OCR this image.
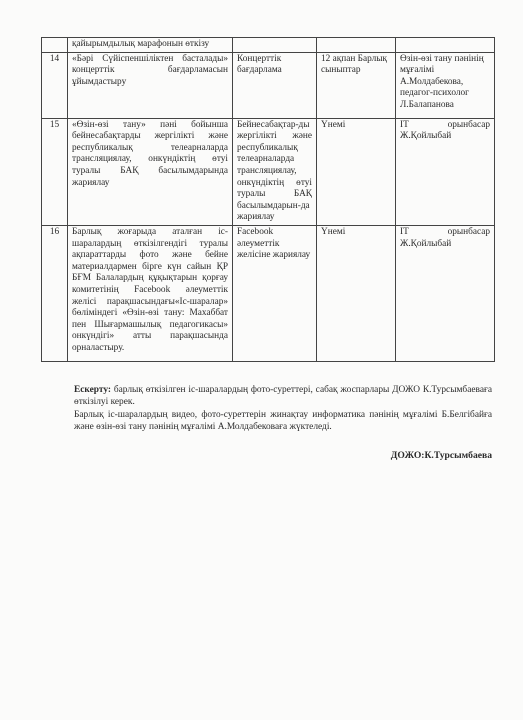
	қайырымдылық марафонын өткізу			
14	«Бәрі Сүйіспеншіліктен басталады» концерттік бағдарламасын ұйымдастыру	Концерттік бағдарлама	12 ақпан Барлық сыныптар	Өзін-өзі тану пәнінің мұғалімі А.Молдабекова, педагог-психолог Л.Балапанова
15	«Өзін-өзі тану» пәні бойынша бейнесабақтарды жергілікті және республикалық телеарналарда трансляциялау, онкүндіктің өтуі туралы БАҚ басылымдарында жариялау	Бейнесабақтар-ды жергілікті және республикалық телеарналарда трансляциялау, онкүндіктің өтуі туралы БАҚ басылымдарын-да жариялау	Үнемі	IT орынбасар Ж.Қойлыбай
16	Барлық жоғарыда аталған іс-шаралардың өткізілгендігі туралы ақпараттарды фото және бейне материалдармен бірге күн сайын ҚР БҒМ Балалардың құқықтарын қорғау комитетінің Facebook әлеуметтік желісі парақшасындағы«Іс-шаралар» бөліміндегі «Өзін-өзі тану: Махаббат пен Шығармашылық педагогикасы» онкүндігі» атты парақшасында орналастыру.	Facebook әлеуметтік желісіне жариялау	Үнемі	IT орынбасар Ж.Қойлыбай

Ескерту: барлық өткізілген іс-шаралардың фото-суреттері, сабақ жоспарлары ДОЖО К.Турсымбаеваға өткізілуі керек.

Барлық іс-шаралардың видео, фото-суреттерін жинақтау информатика пәнінің мұғалімі Б.Белгібайға және өзін-өзі тану пәнінің мұғалімі А.Молдабековаға жүктеледі.

ДОЖО:К.Турсымбаева
